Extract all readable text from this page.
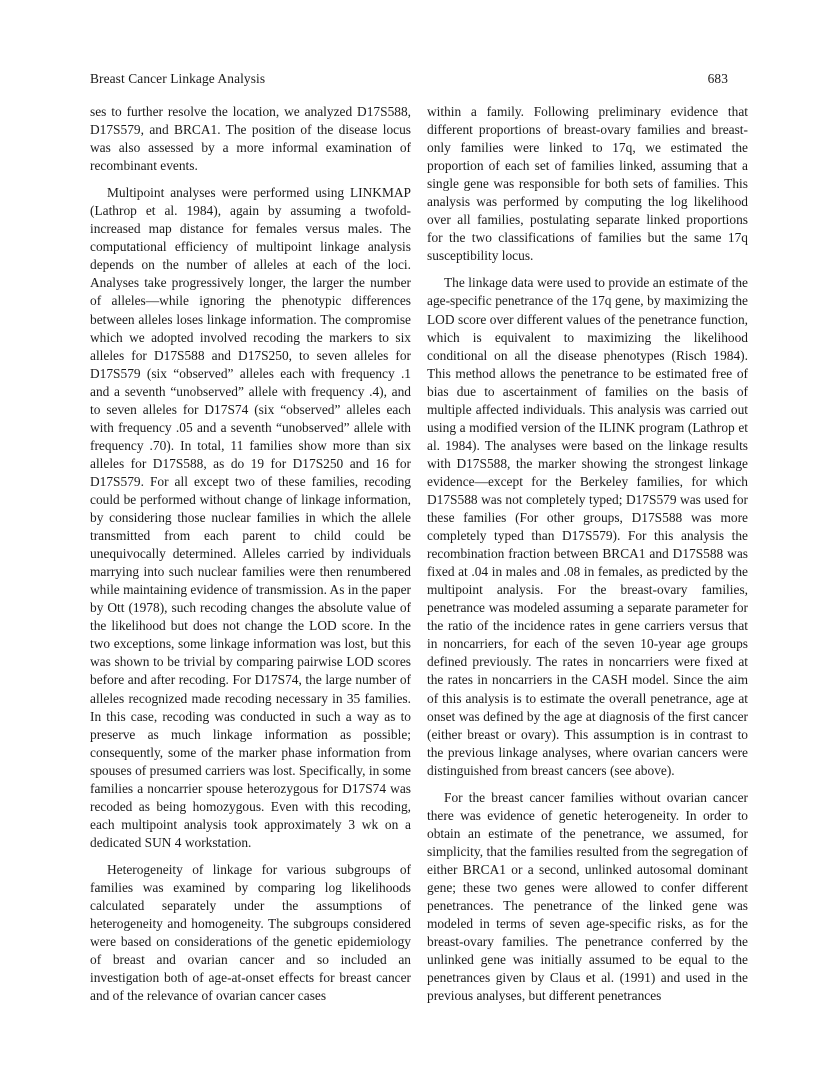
Breast Cancer Linkage Analysis	683

ses to further resolve the location, we analyzed D17S588, D17S579, and BRCA1. The position of the disease locus was also assessed by a more informal examination of recombinant events.

Multipoint analyses were performed using LINKMAP (Lathrop et al. 1984), again by assuming a twofold-increased map distance for females versus males. The computational efficiency of multipoint linkage analysis depends on the number of alleles at each of the loci. Analyses take progressively longer, the larger the number of alleles—while ignoring the phenotypic differences between alleles loses linkage information. The compromise which we adopted involved recoding the markers to six alleles for D17S588 and D17S250, to seven alleles for D17S579 (six “observed” alleles each with frequency .1 and a seventh “unobserved” allele with frequency .4), and to seven alleles for D17S74 (six “observed” alleles each with frequency .05 and a seventh “unobserved” allele with frequency .70). In total, 11 families show more than six alleles for D17S588, as do 19 for D17S250 and 16 for D17S579. For all except two of these families, recoding could be performed without change of linkage information, by considering those nuclear families in which the allele transmitted from each parent to child could be unequivocally determined. Alleles carried by individuals marrying into such nuclear families were then renumbered while maintaining evidence of transmission. As in the paper by Ott (1978), such recoding changes the absolute value of the likelihood but does not change the LOD score. In the two exceptions, some linkage information was lost, but this was shown to be trivial by comparing pairwise LOD scores before and after recoding. For D17S74, the large number of alleles recognized made recoding necessary in 35 families. In this case, recoding was conducted in such a way as to preserve as much linkage information as possible; consequently, some of the marker phase information from spouses of presumed carriers was lost. Specifically, in some families a noncarrier spouse heterozygous for D17S74 was recoded as being homozygous. Even with this recoding, each multipoint analysis took approximately 3 wk on a dedicated SUN 4 workstation.

Heterogeneity of linkage for various subgroups of families was examined by comparing log likelihoods calculated separately under the assumptions of heterogeneity and homogeneity. The subgroups considered were based on considerations of the genetic epidemiology of breast and ovarian cancer and so included an investigation both of age-at-onset effects for breast cancer and of the relevance of ovarian cancer cases

within a family. Following preliminary evidence that different proportions of breast-ovary families and breast-only families were linked to 17q, we estimated the proportion of each set of families linked, assuming that a single gene was responsible for both sets of families. This analysis was performed by computing the log likelihood over all families, postulating separate linked proportions for the two classifications of families but the same 17q susceptibility locus.

The linkage data were used to provide an estimate of the age-specific penetrance of the 17q gene, by maximizing the LOD score over different values of the penetrance function, which is equivalent to maximizing the likelihood conditional on all the disease phenotypes (Risch 1984). This method allows the penetrance to be estimated free of bias due to ascertainment of families on the basis of multiple affected individuals. This analysis was carried out using a modified version of the ILINK program (Lathrop et al. 1984). The analyses were based on the linkage results with D17S588, the marker showing the strongest linkage evidence—except for the Berkeley families, for which D17S588 was not completely typed; D17S579 was used for these families (For other groups, D17S588 was more completely typed than D17S579). For this analysis the recombination fraction between BRCA1 and D17S588 was fixed at .04 in males and .08 in females, as predicted by the multipoint analysis. For the breast-ovary families, penetrance was modeled assuming a separate parameter for the ratio of the incidence rates in gene carriers versus that in noncarriers, for each of the seven 10-year age groups defined previously. The rates in noncarriers were fixed at the rates in noncarriers in the CASH model. Since the aim of this analysis is to estimate the overall penetrance, age at onset was defined by the age at diagnosis of the first cancer (either breast or ovary). This assumption is in contrast to the previous linkage analyses, where ovarian cancers were distinguished from breast cancers (see above).

For the breast cancer families without ovarian cancer there was evidence of genetic heterogeneity. In order to obtain an estimate of the penetrance, we assumed, for simplicity, that the families resulted from the segregation of either BRCA1 or a second, unlinked autosomal dominant gene; these two genes were allowed to confer different penetrances. The penetrance of the linked gene was modeled in terms of seven age-specific risks, as for the breast-ovary families. The penetrance conferred by the unlinked gene was initially assumed to be equal to the penetrances given by Claus et al. (1991) and used in the previous analyses, but different penetrances
